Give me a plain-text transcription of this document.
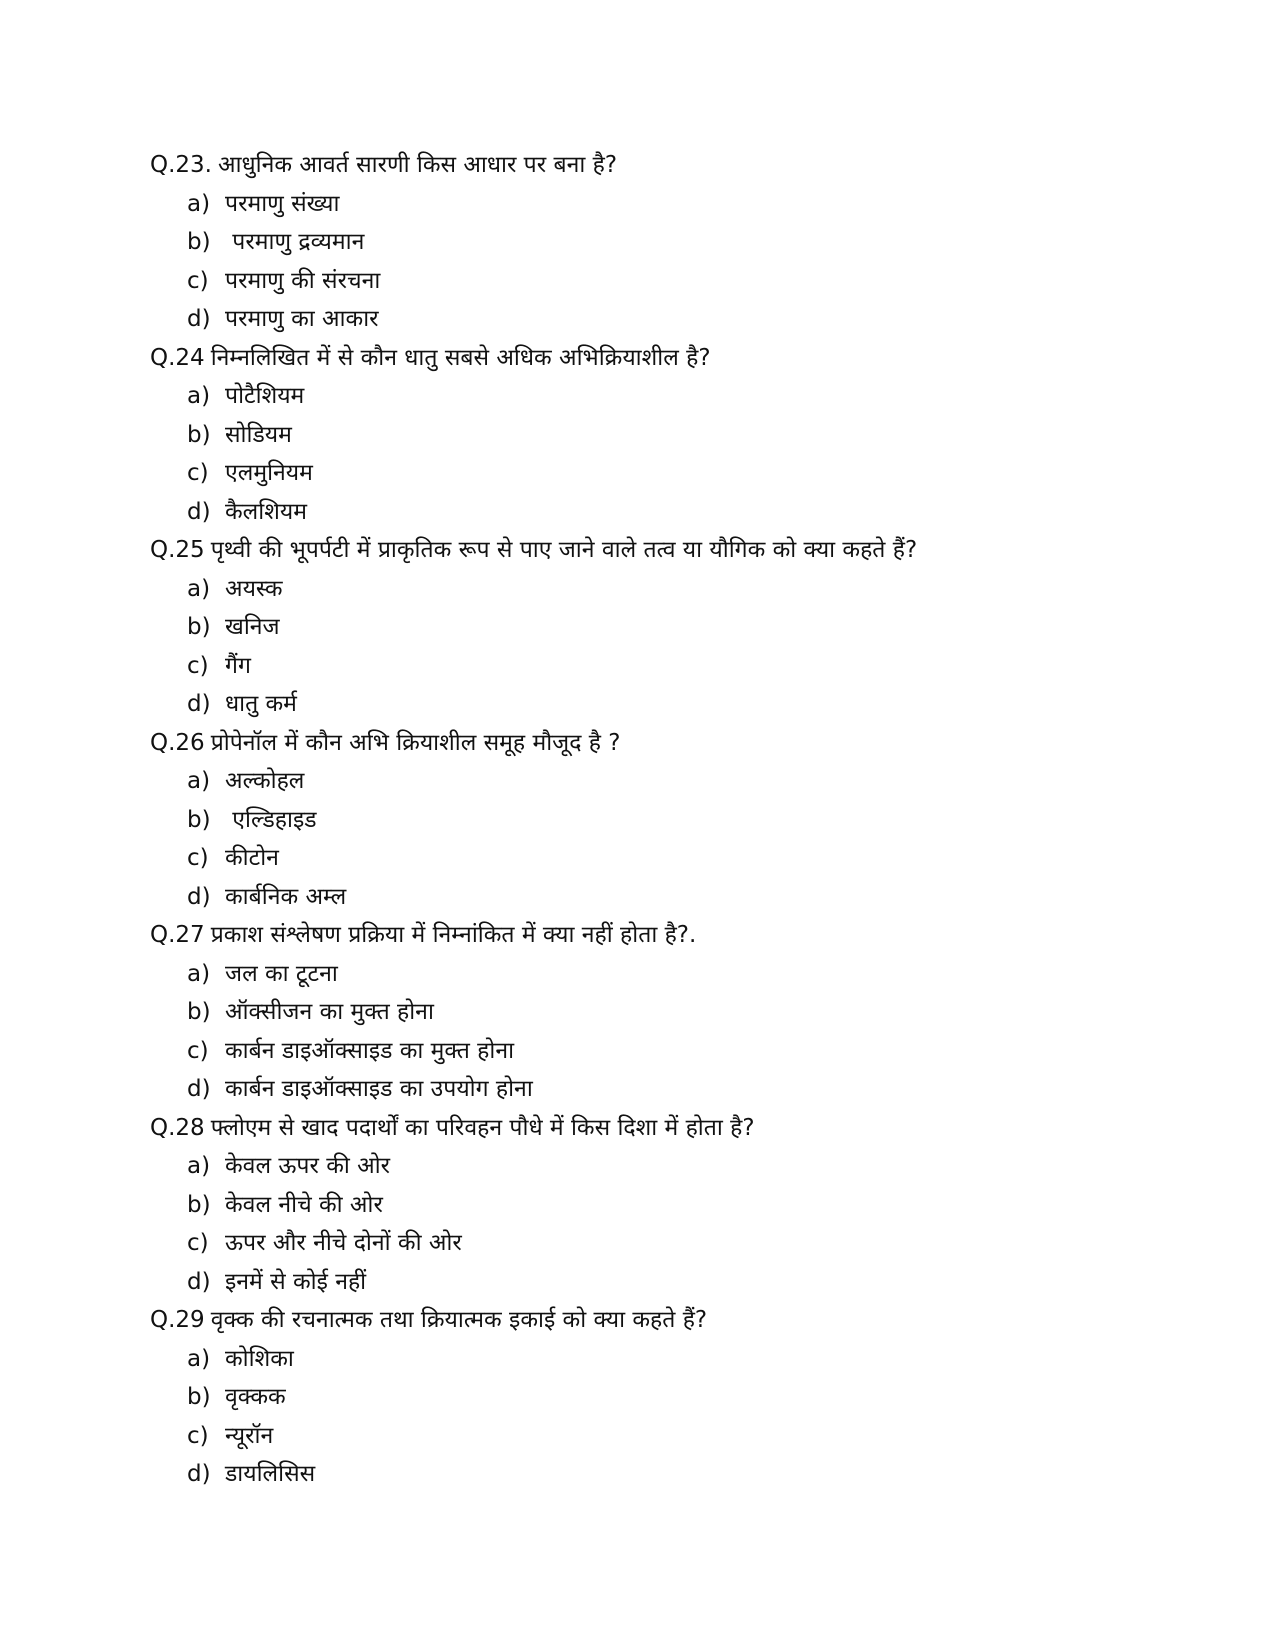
Q.23. आधुनिक आवर्त सारणी किस आधार पर बना है?
a) परमाणु संख्या
b) परमाणु द्रव्यमान
c) परमाणु की संरचना
d) परमाणु का आकार
Q.24 निम्नलिखित में से कौन धातु सबसे अधिक अभिक्रियाशील है?
a) पोटैशियम
b) सोडियम
c) एलमुनियम
d) कैलशियम
Q.25 पृथ्वी की भूपर्पटी में प्राकृतिक रूप से पाए जाने वाले तत्व या यौगिक को क्या कहते हैं?
a) अयस्क
b) खनिज
c) गैंग
d) धातु कर्म
Q.26 प्रोपेनॉल में कौन अभि क्रियाशील समूह मौजूद है ?
a) अल्कोहल
b) एल्डिहाइड
c) कीटोन
d) कार्बनिक अम्ल
Q.27 प्रकाश संश्लेषण प्रक्रिया में निम्नांकित में क्या नहीं होता है?.
a) जल का टूटना
b) ऑक्सीजन का मुक्त होना
c) कार्बन डाइऑक्साइड का मुक्त होना
d) कार्बन डाइऑक्साइड का उपयोग होना
Q.28 फ्लोएम से खाद पदार्थों का परिवहन पौधे में किस दिशा में होता है?
a) केवल ऊपर की ओर
b) केवल नीचे की ओर
c) ऊपर और नीचे दोनों की ओर
d) इनमें से कोई नहीं
Q.29 वृक्क की रचनात्मक तथा क्रियात्मक इकाई को क्या कहते हैं?
a) कोशिका
b) वृक्कक
c) न्यूरॉन
d) डायलिसिस
